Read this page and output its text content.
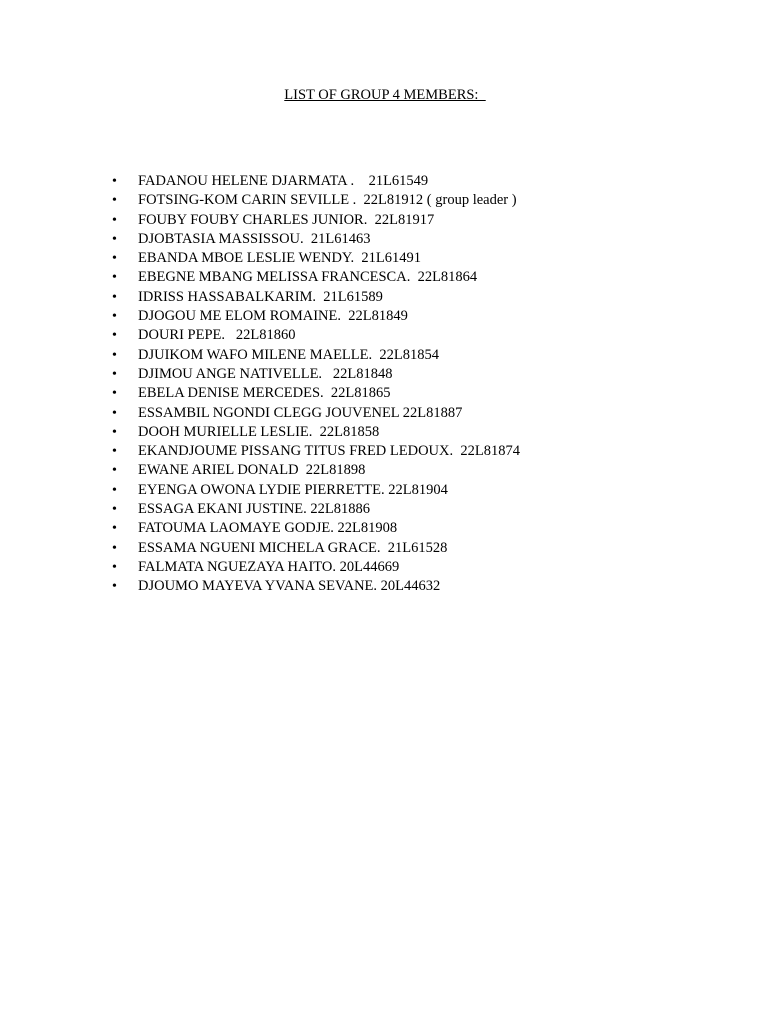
LIST OF GROUP 4 MEMBERS:
•	FADANOU HELENE DJARMATA .    21L61549
•	FOTSING-KOM CARIN SEVILLE .  22L81912 ( group leader )
•	FOUBY FOUBY CHARLES JUNIOR.  22L81917
•	DJOBTASIA MASSISSOU.  21L61463
•	EBANDA MBOE LESLIE WENDY.  21L61491
•	EBEGNE MBANG MELISSA FRANCESCA.  22L81864
•	IDRISS HASSABALKARIM.  21L61589
•	DJOGOU ME ELOM ROMAINE.  22L81849
•	DOURI PEPE.   22L81860
•	DJUIKOM WAFO MILENE MAELLE.  22L81854
•	DJIMOU ANGE NATIVELLE.   22L81848
•	EBELA DENISE MERCEDES.  22L81865
•	ESSAMBIL NGONDI CLEGG JOUVENEL 22L81887
•	DOOH MURIELLE LESLIE.  22L81858
•	EKANDJOUME PISSANG TITUS FRED LEDOUX.  22L81874
•	EWANE ARIEL DONALD  22L81898
•	EYENGA OWONA LYDIE PIERRETTE. 22L81904
•	ESSAGA EKANI JUSTINE. 22L81886
•	FATOUMA LAOMAYE GODJE. 22L81908
•	ESSAMA NGUENI MICHELA GRACE.  21L61528
•	FALMATA NGUEZAYA HAITO. 20L44669
•	DJOUMO MAYEVA YVANA SEVANE. 20L44632
